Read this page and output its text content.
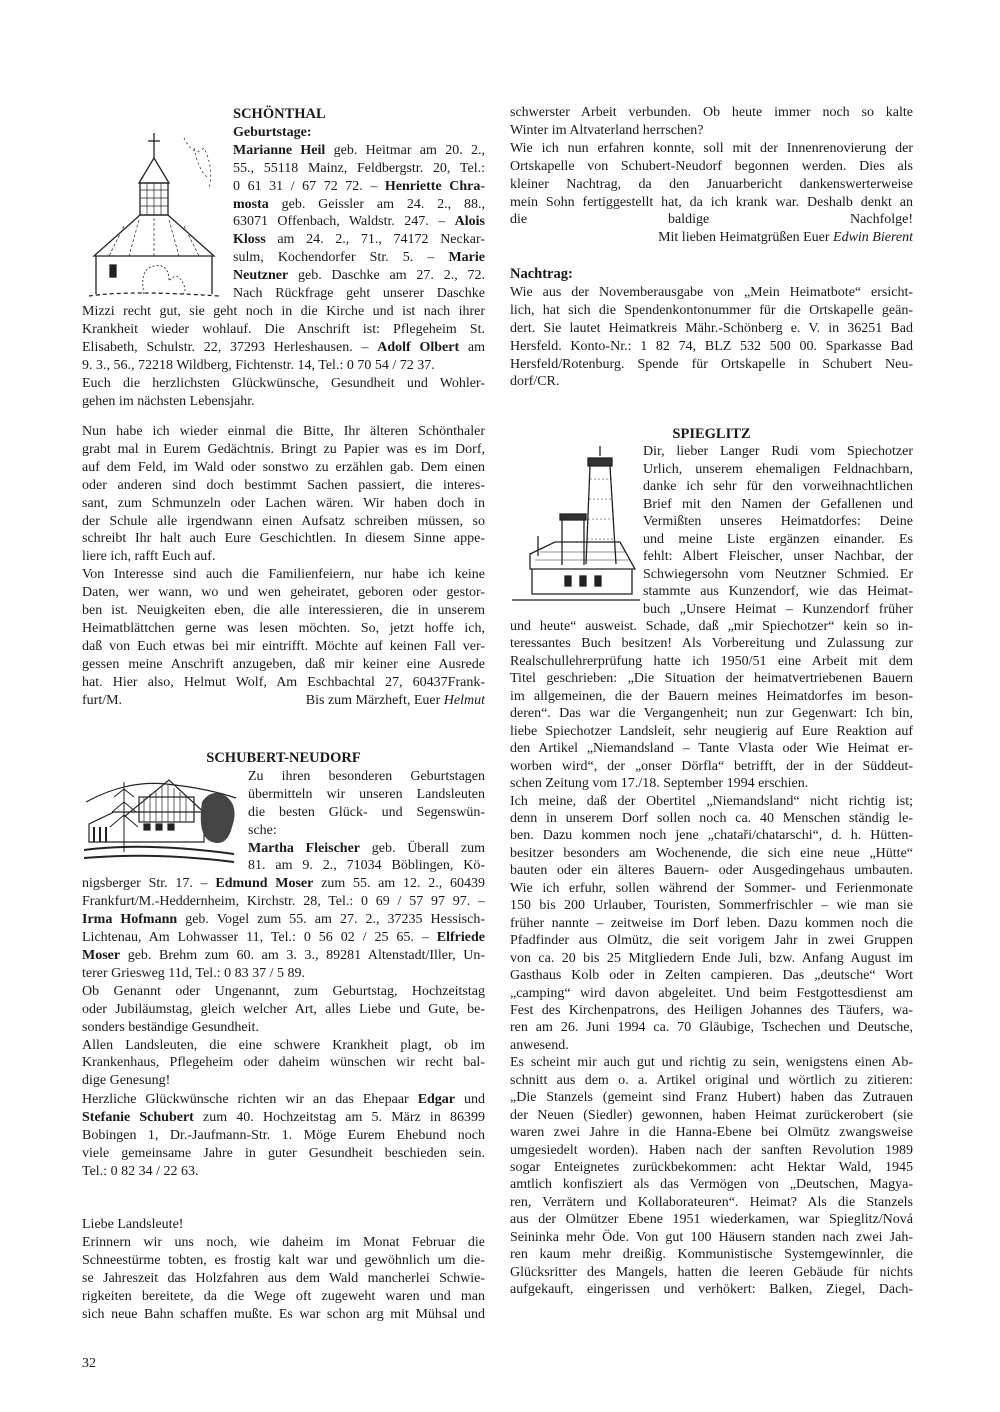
SCHÖNTHAL
Geburtstage:
Marianne Heil geb. Heitmar am 20. 2.,
55., 55118 Mainz, Feldbergstr. 20, Tel.:
0 61 31 / 67 72 72. – Henriette Chra-
mosta geb. Geissler am 24. 2., 88.,
63071 Offenbach, Waldstr. 247. – Alois
Kloss am 24. 2., 71., 74172 Neckar-
sulm, Kochendorfer Str. 5. – Marie
Neutzner geb. Daschke am 27. 2., 72.
Nach Rückfrage geht unserer Daschke
Mizzi recht gut, sie geht noch in die Kirche und ist nach ihrer
Krankheit wieder wohlauf. Die Anschrift ist: Pflegeheim St.
Elisabeth, Schulstr. 22, 37293 Herleshausen. – Adolf Olbert am
9. 3., 56., 72218 Wildberg, Fichtenstr. 14, Tel.: 0 70 54 / 72 37.
Euch die herzlichsten Glückwünsche, Gesundheit und Wohler-
gehen im nächsten Lebensjahr.
Nun habe ich wieder einmal die Bitte, Ihr älteren Schönthaler
grabt mal in Eurem Gedächtnis. Bringt zu Papier was es im Dorf,
auf dem Feld, im Wald oder sonstwo zu erzählen gab. Dem einen
oder anderen sind doch bestimmt Sachen passiert, die interes-
sant, zum Schmunzeln oder Lachen wären. Wir haben doch in
der Schule alle irgendwann einen Aufsatz schreiben müssen, so
schreibt Ihr halt auch Eure Geschichtlen. In diesem Sinne appe-
liere ich, rafft Euch auf.
Von Interesse sind auch die Familienfeiern, nur habe ich keine
Daten, wer wann, wo und wen geheiratet, geboren oder gestor-
ben ist. Neuigkeiten eben, die alle interessieren, die in unserem
Heimatblättchen gerne was lesen möchten. So, jetzt hoffe ich,
daß von Euch etwas bei mir eintrifft. Möchte auf keinen Fall ver-
gessen meine Anschrift anzugeben, daß mir keiner eine Ausrede
hat. Hier also, Helmut Wolf, Am Eschbachtal 27, 60437Frank-
furt/M.	Bis zum Märzheft, Euer Helmut
SCHUBERT-NEUDORF
Zu ihren besonderen Geburtstagen
übermitteln wir unseren Landsleuten
die besten Glück- und Segenswün-
sche:
Martha Fleischer geb. Überall zum
81. am 9. 2., 71034 Böblingen, Kö-
nigsberger Str. 17. – Edmund Moser zum 55. am 12. 2., 60439
Frankfurt/M.-Heddernheim, Kirchstr. 28, Tel.: 0 69 / 57 97 97. –
Irma Hofmann geb. Vogel zum 55. am 27. 2., 37235 Hessisch-
Lichtenau, Am Lohwasser 11, Tel.: 0 56 02 / 25 65. – Elfriede
Moser geb. Brehm zum 60. am 3. 3., 89281 Altenstadt/Iller, Un-
terer Griesweg 11d, Tel.: 0 83 37 / 5 89.
Ob Genannt oder Ungenannt, zum Geburtstag, Hochzeitstag
oder Jubiläumstag, gleich welcher Art, alles Liebe und Gute, be-
sonders beständige Gesundheit.
Allen Landsleuten, die eine schwere Krankheit plagt, ob im
Krankenhaus, Pflegeheim oder daheim wünschen wir recht bal-
dige Genesung!
Herzliche Glückwünsche richten wir an das Ehepaar Edgar und
Stefanie Schubert zum 40. Hochzeitstag am 5. März in 86399
Bobingen 1, Dr.-Jaufmann-Str. 1. Möge Eurem Ehebund noch
viele gemeinsame Jahre in guter Gesundheit beschieden sein.
Tel.: 0 82 34 / 22 63.
Liebe Landsleute!
Erinnern wir uns noch, wie daheim im Monat Februar die
Schneestürme tobten, es frostig kalt war und gewöhnlich um die-
se Jahreszeit das Holzfahren aus dem Wald mancherlei Schwie-
rigkeiten bereitete, da die Wege oft zugeweht waren und man
sich neue Bahn schaffen mußte. Es war schon arg mit Mühsal und
32
schwerster Arbeit verbunden. Ob heute immer noch so kalte
Winter im Altvaterland herrschen?
Wie ich nun erfahren konnte, soll mit der Innenrenovierung der
Ortskapelle von Schubert-Neudorf begonnen werden. Dies als
kleiner Nachtrag, da den Januarbericht dankenswerterweise
mein Sohn fertiggestellt hat, da ich krank war. Deshalb denkt an
die baldige Nachfolge!
Mit lieben Heimatgrüßen Euer Edwin Bierent
Nachtrag:
Wie aus der Novemberausgabe von „Mein Heimatbote“ ersicht-
lich, hat sich die Spendenkontonummer für die Ortskapelle geän-
dert. Sie lautet Heimatkreis Mähr.-Schönberg e. V. in 36251 Bad
Hersfeld. Konto-Nr.: 1 82 74, BLZ 532 500 00. Sparkasse Bad
Hersfeld/Rotenburg. Spende für Ortskapelle in Schubert Neu-
dorf/CR.
SPIEGLITZ
Dir, lieber Langer Rudi vom Spiechotzer
Urlich, unserem ehemaligen Feldnachbarn,
danke ich sehr für den vorweihnachtlichen
Brief mit den Namen der Gefallenen und
Vermißten unseres Heimatdorfes: Deine
und meine Liste ergänzen einander. Es
fehlt: Albert Fleischer, unser Nachbar, der
Schwiegersohn vom Neutzner Schmied. Er
stammte aus Kunzendorf, wie das Heimat-
buch „Unsere Heimat – Kunzendorf früher
und heute“ ausweist. Schade, daß „mir Spiechotzer“ kein so in-
teressantes Buch besitzen! Als Vorbereitung und Zulassung zur
Realschullehrerprüfung hatte ich 1950/51 eine Arbeit mit dem
Titel geschrieben: „Die Situation der heimatvertriebenen Bauern
im allgemeinen, die der Bauern meines Heimatdorfes im beson-
deren“. Das war die Vergangenheit; nun zur Gegenwart: Ich bin,
liebe Spiechotzer Landsleit, sehr neugierig auf Eure Reaktion auf
den Artikel „Niemandsland – Tante Vlasta oder Wie Heimat er-
worben wird“, der „onser Dörfla“ betrifft, der in der Süddeut-
schen Zeitung vom 17./18. September 1994 erschien.
Ich meine, daß der Obertitel „Niemandsland“ nicht richtig ist;
denn in unserem Dorf sollen noch ca. 40 Menschen ständig le-
ben. Dazu kommen noch jene „chataři/chatarschi“, d. h. Hütten-
besitzer besonders am Wochenende, die sich eine neue „Hütte“
bauten oder ein älteres Bauern- oder Ausgedingehaus umbauten.
Wie ich erfuhr, sollen während der Sommer- und Ferienmonate
150 bis 200 Urlauber, Touristen, Sommerfrischler – wie man sie
früher nannte – zeitweise im Dorf leben. Dazu kommen noch die
Pfadfinder aus Olmütz, die seit vorigem Jahr in zwei Gruppen
von ca. 20 bis 25 Mitgliedern Ende Juli, bzw. Anfang August im
Gasthaus Kolb oder in Zelten campieren. Das „deutsche“ Wort
„camping“ wird davon abgeleitet. Und beim Festgottesdienst am
Fest des Kirchenpatrons, des Heiligen Johannes des Täufers, wa-
ren am 26. Juni 1994 ca. 70 Gläubige, Tschechen und Deutsche,
anwesend.
Es scheint mir auch gut und richtig zu sein, wenigstens einen Ab-
schnitt aus dem o. a. Artikel original und wörtlich zu zitieren:
„Die Stanzels (gemeint sind Franz Hubert) haben das Zutrauen
der Neuen (Siedler) gewonnen, haben Heimat zurückerobert (sie
waren zwei Jahre in die Hanna-Ebene bei Olmütz zwangsweise
umgesiedelt worden). Haben nach der sanften Revolution 1989
sogar Enteignetes zurückbekommen: acht Hektar Wald, 1945
amtlich konfisziert als das Vermögen von „Deutschen, Magya-
ren, Verrätern und Kollaborateuren“. Heimat? Als die Stanzels
aus der Olmützer Ebene 1951 wiederkamen, war Spieglitz/Nová
Seininka mehr Öde. Von gut 100 Häusern standen nach zwei Jah-
ren kaum mehr dreißig. Kommunistische Systemgewinnler, die
Glücksritter des Mangels, hatten die leeren Gebäude für nichts
aufgekauft, eingerissen und verhökert: Balken, Ziegel, Dach-
